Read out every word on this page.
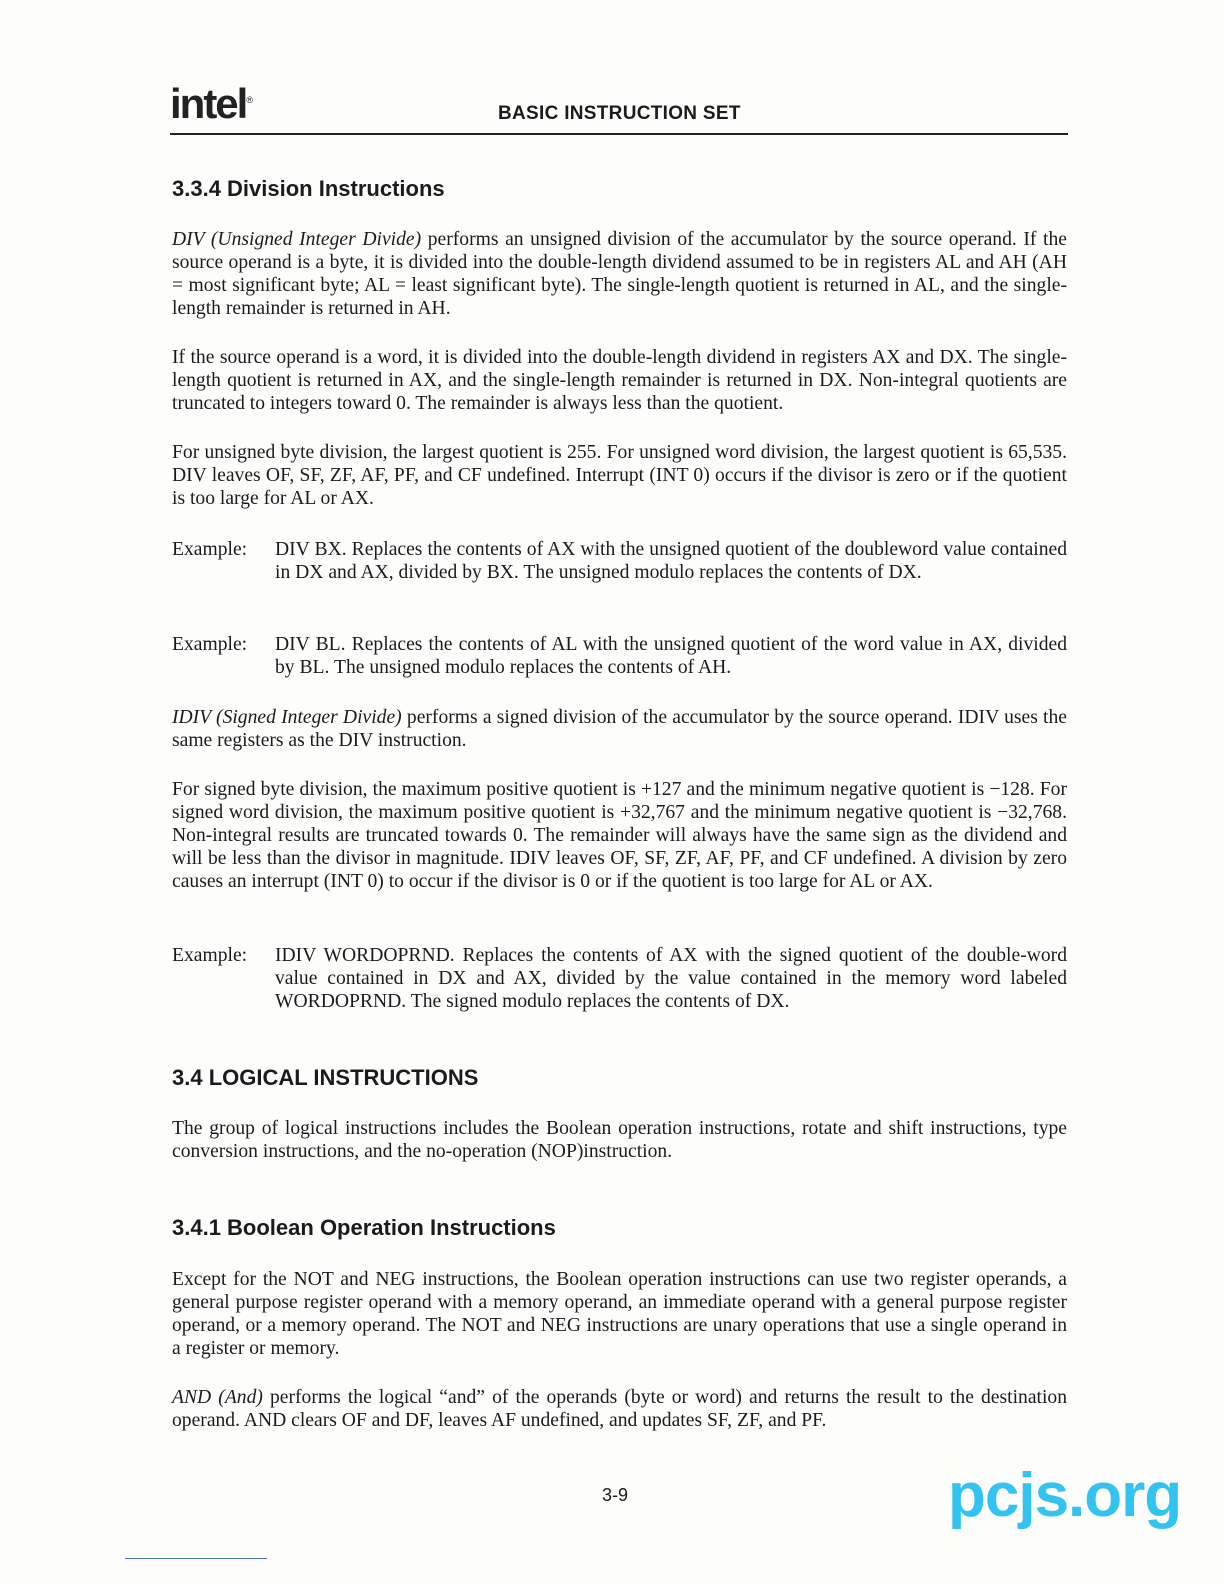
intel®
BASIC INSTRUCTION SET
3.3.4 Division Instructions

DIV (Unsigned Integer Divide) performs an unsigned division of the accumulator by the source operand. If the source operand is a byte, it is divided into the double-length dividend assumed to be in registers AL and AH (AH = most significant byte; AL = least significant byte). The single-length quotient is returned in AL, and the single-length remainder is returned in AH.

If the source operand is a word, it is divided into the double-length dividend in registers AX and DX. The single-length quotient is returned in AX, and the single-length remainder is returned in DX. Non-integral quotients are truncated to integers toward 0. The remainder is always less than the quotient.

For unsigned byte division, the largest quotient is 255. For unsigned word division, the largest quotient is 65,535. DIV leaves OF, SF, ZF, AF, PF, and CF undefined. Interrupt (INT 0) occurs if the divisor is zero or if the quotient is too large for AL or AX.

Example: DIV BX. Replaces the contents of AX with the unsigned quotient of the doubleword value contained in DX and AX, divided by BX. The unsigned modulo replaces the contents of DX.
Example: DIV BL. Replaces the contents of AL with the unsigned quotient of the word value in AX, divided by BL. The unsigned modulo replaces the contents of AH.

IDIV (Signed Integer Divide) performs a signed division of the accumulator by the source operand. IDIV uses the same registers as the DIV instruction.

For signed byte division, the maximum positive quotient is +127 and the minimum negative quotient is −128. For signed word division, the maximum positive quotient is +32,767 and the minimum negative quotient is −32,768. Non-integral results are truncated towards 0. The remainder will always have the same sign as the dividend and will be less than the divisor in magnitude. IDIV leaves OF, SF, ZF, AF, PF, and CF undefined. A division by zero causes an interrupt (INT 0) to occur if the divisor is 0 or if the quotient is too large for AL or AX.

Example: IDIV WORDOPRND. Replaces the contents of AX with the signed quotient of the double-word value contained in DX and AX, divided by the value contained in the memory word labeled WORDOPRND. The signed modulo replaces the contents of DX.
3.4 LOGICAL INSTRUCTIONS

The group of logical instructions includes the Boolean operation instructions, rotate and shift instructions, type conversion instructions, and the no-operation (NOP)instruction.

3.4.1 Boolean Operation Instructions

Except for the NOT and NEG instructions, the Boolean operation instructions can use two register operands, a general purpose register operand with a memory operand, an immediate operand with a general purpose register operand, or a memory operand. The NOT and NEG instructions are unary operations that use a single operand in a register or memory.

AND (And) performs the logical “and” of the operands (byte or word) and returns the result to the destination operand. AND clears OF and DF, leaves AF undefined, and updates SF, ZF, and PF.

3-9	pcjs.org
